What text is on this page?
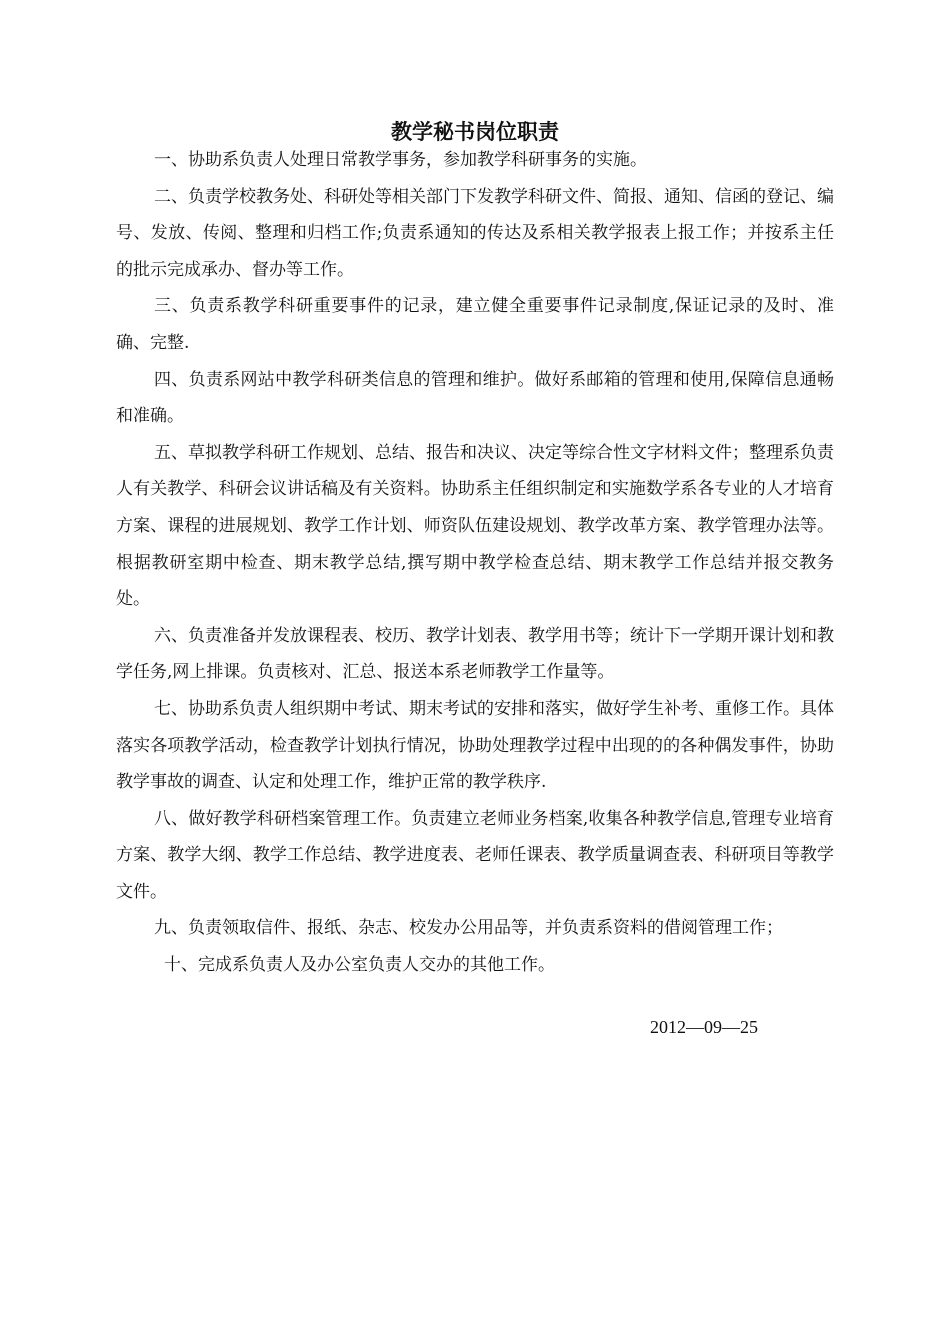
教学秘书岗位职责

一、协助系负责人处理日常教学事务，参加教学科研事务的实施。

二、负责学校教务处、科研处等相关部门下发教学科研文件、简报、通知、信函的登记、编号、发放、传阅、整理和归档工作;负责系通知的传达及系相关教学报表上报工作；并按系主任的批示完成承办、督办等工作。

三、负责系教学科研重要事件的记录，建立健全重要事件记录制度,保证记录的及时、准确、完整.

四、负责系网站中教学科研类信息的管理和维护。做好系邮箱的管理和使用,保障信息通畅和准确。

五、草拟教学科研工作规划、总结、报告和决议、决定等综合性文字材料文件；整理系负责人有关教学、科研会议讲话稿及有关资料。协助系主任组织制定和实施数学系各专业的人才培育方案、课程的进展规划、教学工作计划、师资队伍建设规划、教学改革方案、教学管理办法等。根据教研室期中检查、期末教学总结,撰写期中教学检查总结、期末教学工作总结并报交教务处。

六、负责准备并发放课程表、校历、教学计划表、教学用书等；统计下一学期开课计划和教学任务,网上排课。负责核对、汇总、报送本系老师教学工作量等。

七、协助系负责人组织期中考试、期末考试的安排和落实，做好学生补考、重修工作。具体落实各项教学活动，检查教学计划执行情况，协助处理教学过程中出现的的各种偶发事件，协助教学事故的调查、认定和处理工作，维护正常的教学秩序.

八、做好教学科研档案管理工作。负责建立老师业务档案,收集各种教学信息,管理专业培育方案、教学大纲、教学工作总结、教学进度表、老师任课表、教学质量调查表、科研项目等教学文件。

九、负责领取信件、报纸、杂志、校发办公用品等，并负责系资料的借阅管理工作；

十、完成系负责人及办公室负责人交办的其他工作。

2012—09—25
